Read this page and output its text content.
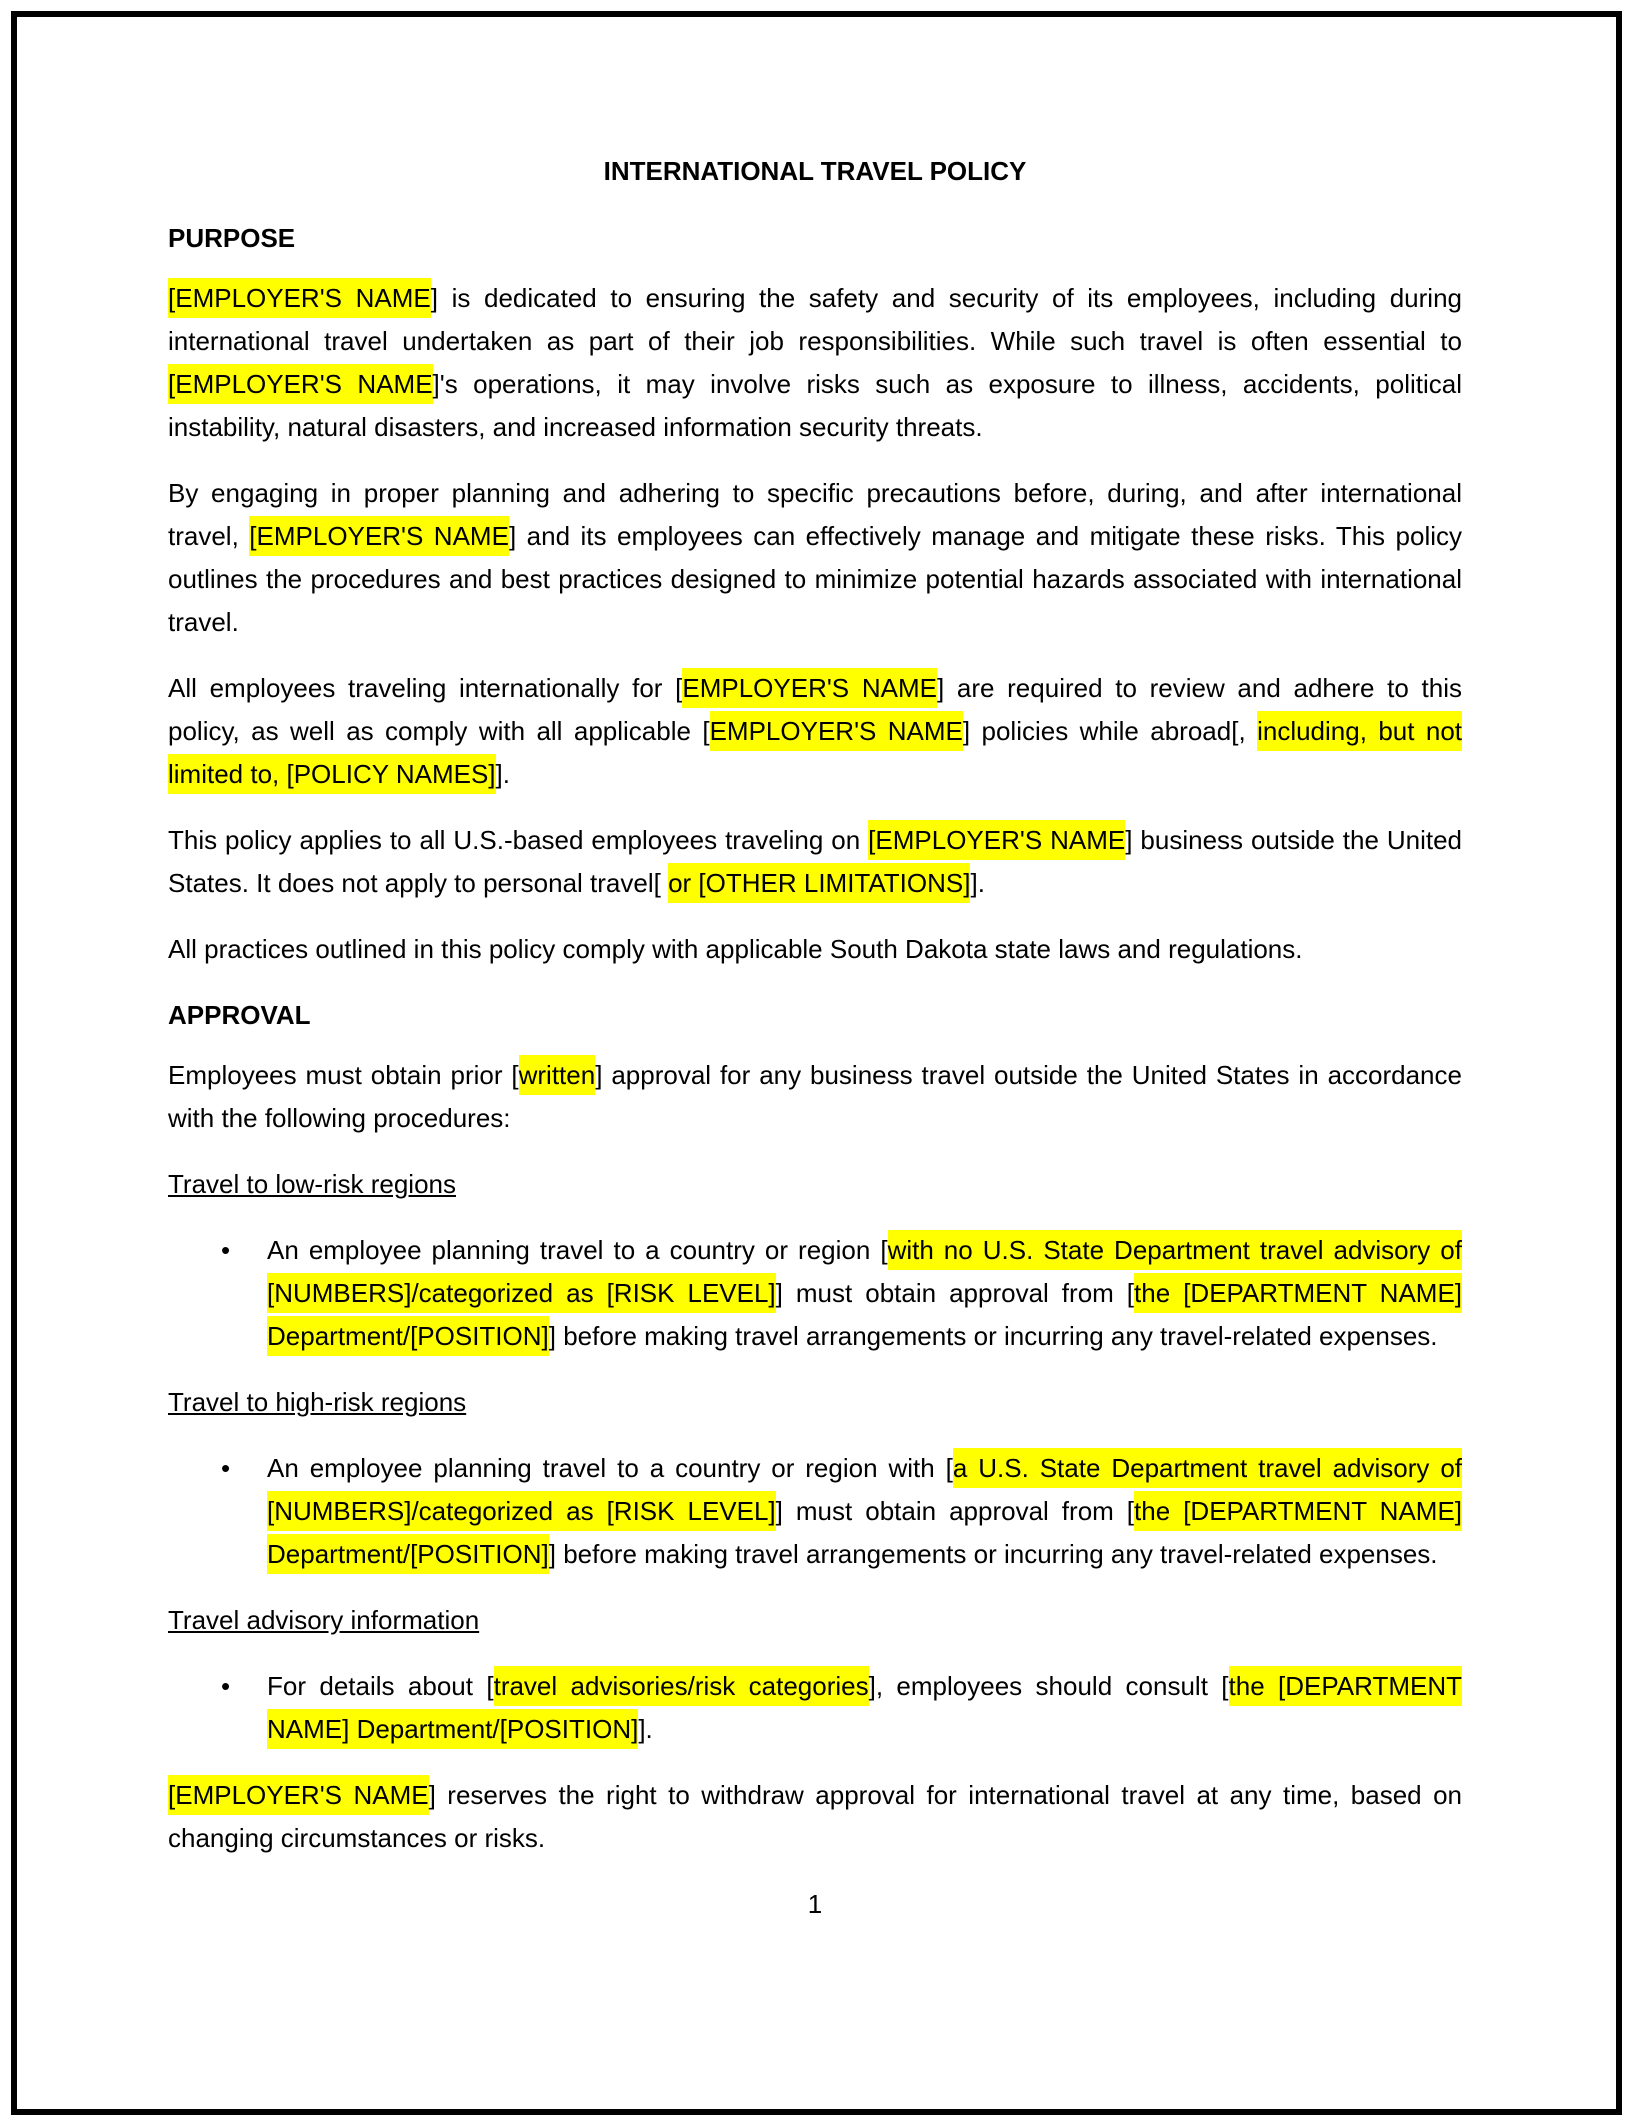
INTERNATIONAL TRAVEL POLICY

PURPOSE

[EMPLOYER'S NAME] is dedicated to ensuring the safety and security of its employees, including during international travel undertaken as part of their job responsibilities. While such travel is often essential to [EMPLOYER'S NAME]'s operations, it may involve risks such as exposure to illness, accidents, political instability, natural disasters, and increased information security threats.

By engaging in proper planning and adhering to specific precautions before, during, and after international travel, [EMPLOYER'S NAME] and its employees can effectively manage and mitigate these risks. This policy outlines the procedures and best practices designed to minimize potential hazards associated with international travel.

All employees traveling internationally for [EMPLOYER'S NAME] are required to review and adhere to this policy, as well as comply with all applicable [EMPLOYER'S NAME] policies while abroad[, including, but not limited to, [POLICY NAMES]].

This policy applies to all U.S.-based employees traveling on [EMPLOYER'S NAME] business outside the United States. It does not apply to personal travel[ or [OTHER LIMITATIONS]].

All practices outlined in this policy comply with applicable South Dakota state laws and regulations.

APPROVAL

Employees must obtain prior [written] approval for any business travel outside the United States in accordance with the following procedures:

Travel to low-risk regions

• An employee planning travel to a country or region [with no U.S. State Department travel advisory of [NUMBERS]/categorized as [RISK LEVEL]] must obtain approval from [the [DEPARTMENT NAME] Department/[POSITION]] before making travel arrangements or incurring any travel-related expenses.

Travel to high-risk regions

• An employee planning travel to a country or region with [a U.S. State Department travel advisory of [NUMBERS]/categorized as [RISK LEVEL]] must obtain approval from [the [DEPARTMENT NAME] Department/[POSITION]] before making travel arrangements or incurring any travel-related expenses.

Travel advisory information

• For details about [travel advisories/risk categories], employees should consult [the [DEPARTMENT NAME] Department/[POSITION]].

[EMPLOYER'S NAME] reserves the right to withdraw approval for international travel at any time, based on changing circumstances or risks.

1
